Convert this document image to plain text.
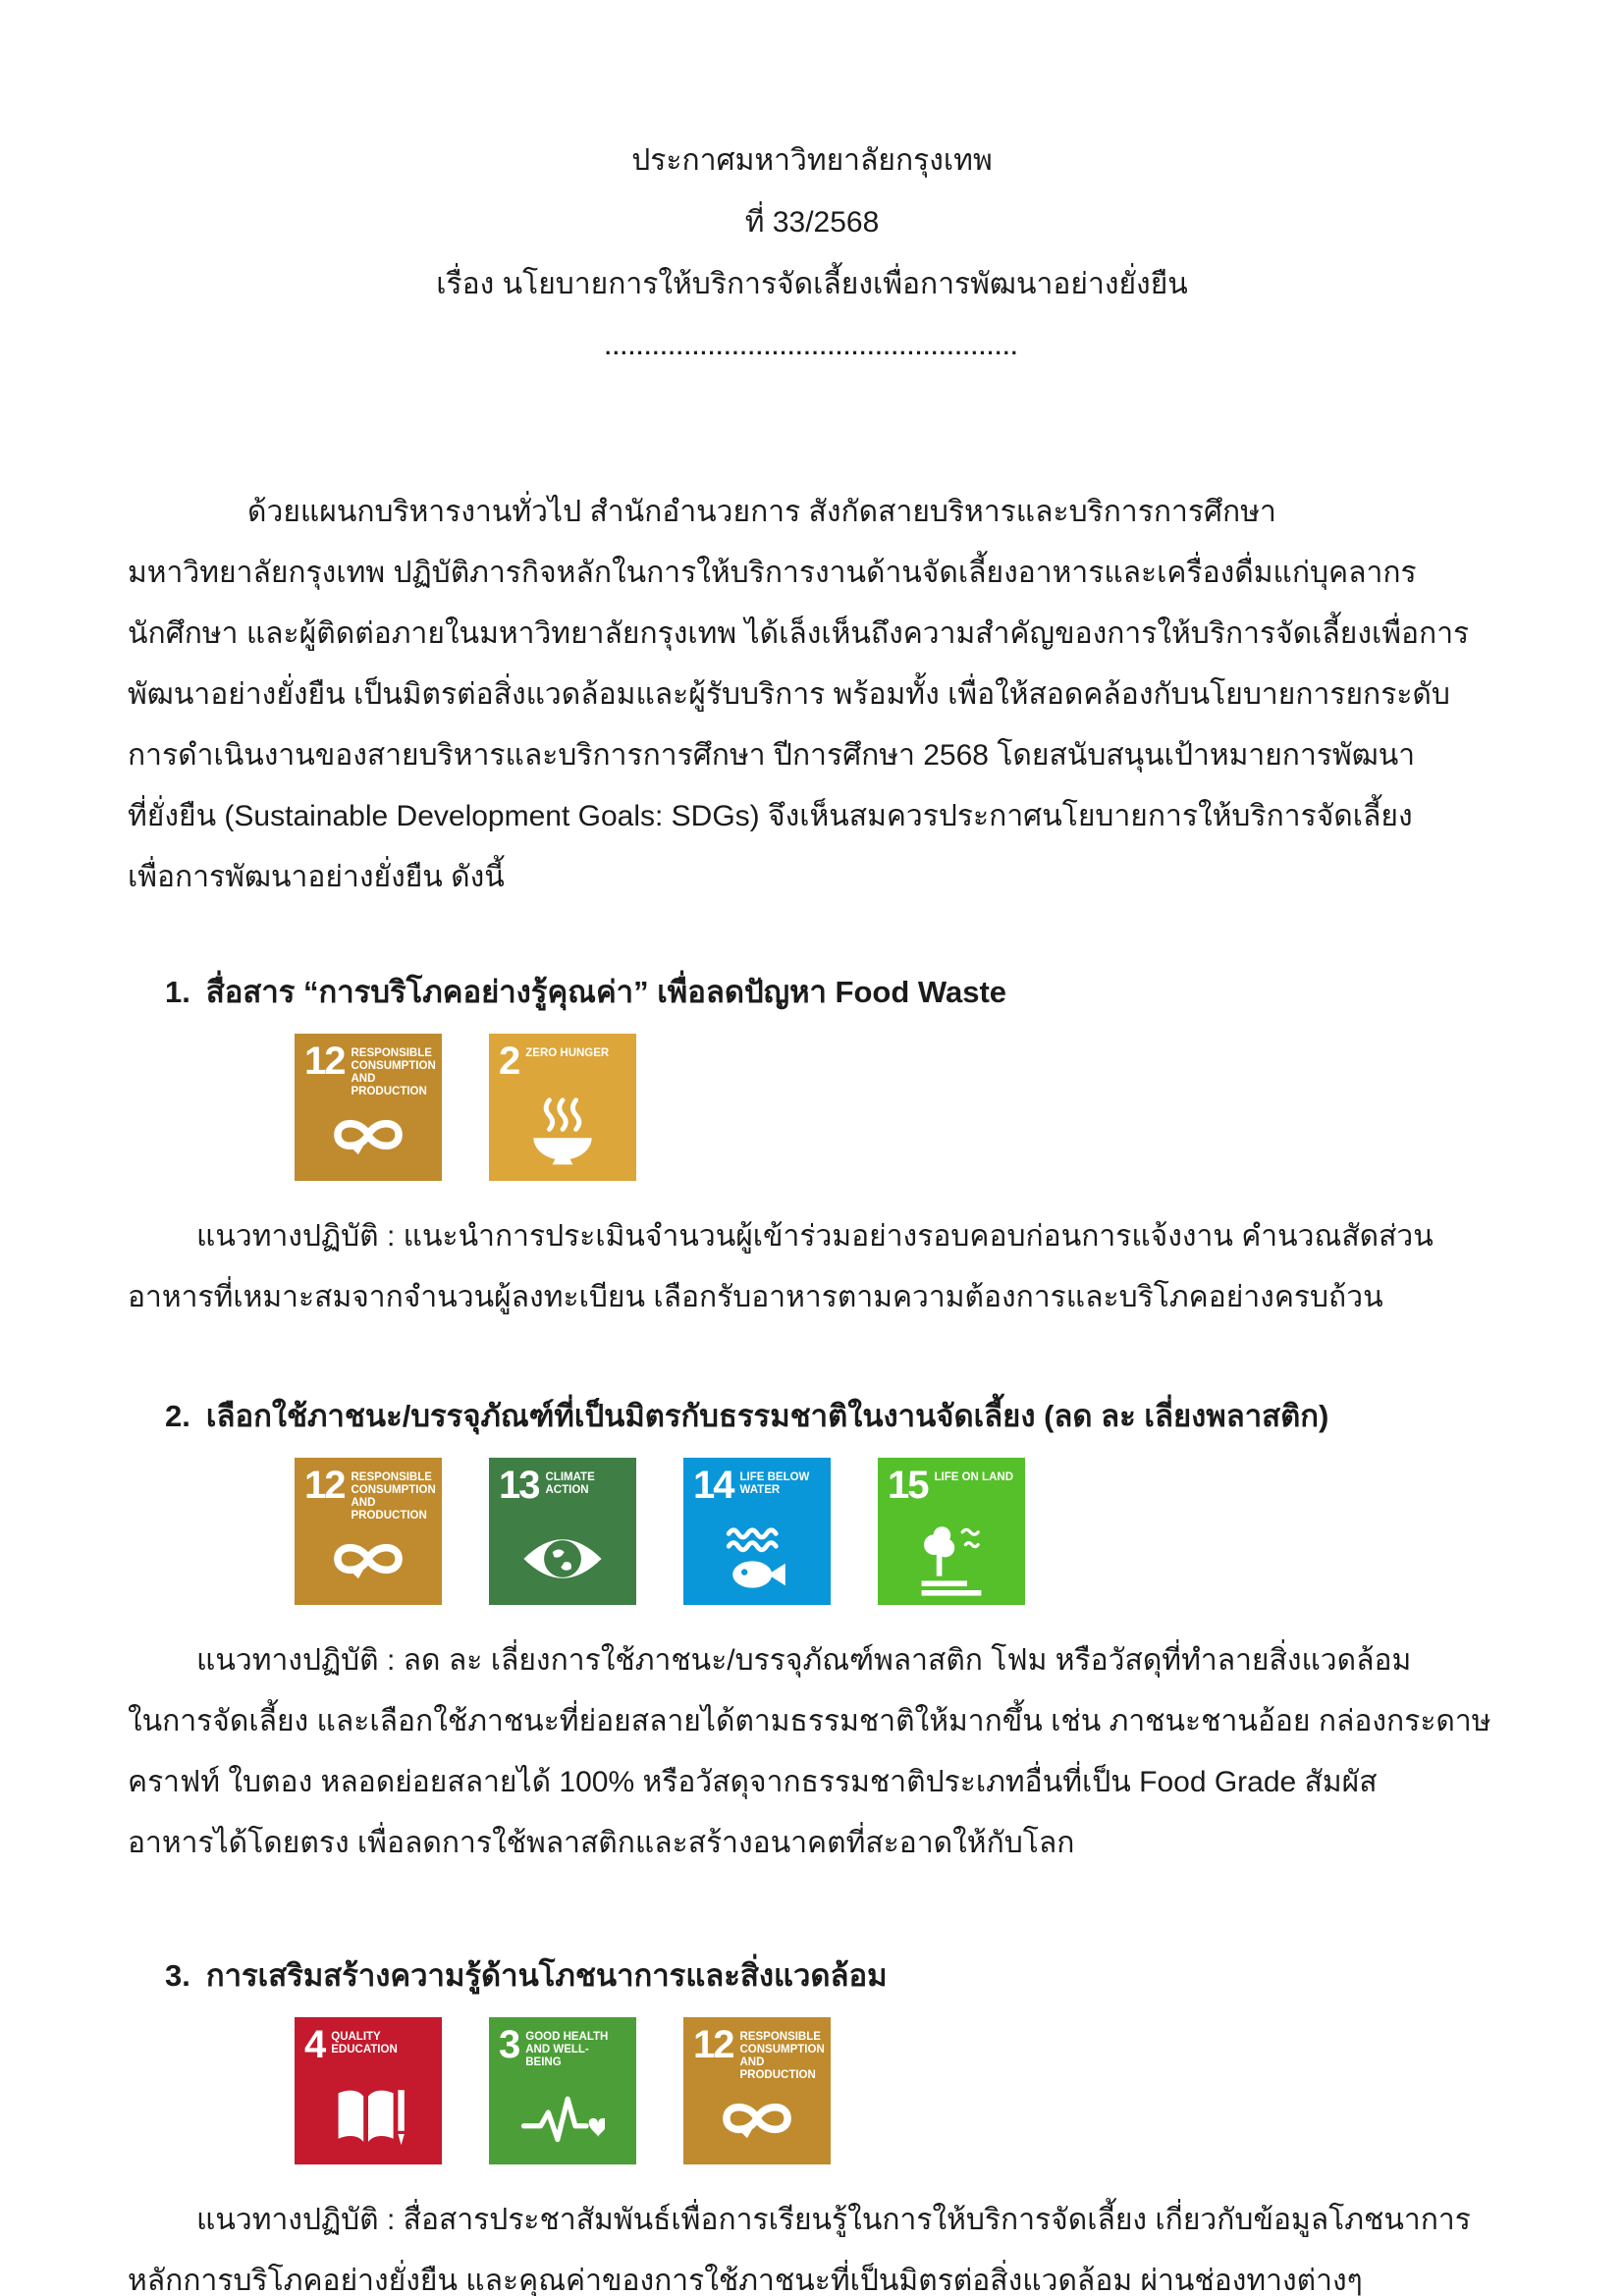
ประกาศมหาวิทยาลัยกรุงเทพ
ที่ 33/2568
เรื่อง นโยบายการให้บริการจัดเลี้ยงเพื่อการพัฒนาอย่างยั่งยืน
....................................................
ด้วยแผนกบริหารงานทั่วไป สำนักอำนวยการ สังกัดสายบริหารและบริการการศึกษา
มหาวิทยาลัยกรุงเทพ ปฏิบัติภารกิจหลักในการให้บริการงานด้านจัดเลี้ยงอาหารและเครื่องดื่มแก่บุคลากร
นักศึกษา และผู้ติดต่อภายในมหาวิทยาลัยกรุงเทพ ได้เล็งเห็นถึงความสำคัญของการให้บริการจัดเลี้ยงเพื่อการ
พัฒนาอย่างยั่งยืน เป็นมิตรต่อสิ่งแวดล้อมและผู้รับบริการ พร้อมทั้ง เพื่อให้สอดคล้องกับนโยบายการยกระดับ
การดำเนินงานของสายบริหารและบริการการศึกษา ปีการศึกษา 2568 โดยสนับสนุนเป้าหมายการพัฒนา
ที่ยั่งยืน (Sustainable Development Goals: SDGs) จึงเห็นสมควรประกาศนโยบายการให้บริการจัดเลี้ยง
เพื่อการพัฒนาอย่างยั่งยืน ดังนี้
1. สื่อสาร “การบริโภคอย่างรู้คุณค่า” เพื่อลดปัญหา Food Waste
12 RESPONSIBLE CONSUMPTION AND PRODUCTION
2 ZERO HUNGER
แนวทางปฏิบัติ : แนะนำการประเมินจำนวนผู้เข้าร่วมอย่างรอบคอบก่อนการแจ้งงาน คำนวณสัดส่วน
อาหารที่เหมาะสมจากจำนวนผู้ลงทะเบียน เลือกรับอาหารตามความต้องการและบริโภคอย่างครบถ้วน
2. เลือกใช้ภาชนะ/บรรจุภัณฑ์ที่เป็นมิตรกับธรรมชาติในงานจัดเลี้ยง (ลด ละ เลี่ยงพลาสติก)
12 RESPONSIBLE CONSUMPTION AND PRODUCTION
13 CLIMATE ACTION	14 LIFE BELOW WATER	15 LIFE ON LAND
แนวทางปฏิบัติ : ลด ละ เลี่ยงการใช้ภาชนะ/บรรจุภัณฑ์พลาสติก โฟม หรือวัสดุที่ทำลายสิ่งแวดล้อม
ในการจัดเลี้ยง และเลือกใช้ภาชนะที่ย่อยสลายได้ตามธรรมชาติให้มากขึ้น เช่น ภาชนะชานอ้อย กล่องกระดาษ
คราฟท์ ใบตอง หลอดย่อยสลายได้ 100% หรือวัสดุจากธรรมชาติประเภทอื่นที่เป็น Food Grade สัมผัส
อาหารได้โดยตรง เพื่อลดการใช้พลาสติกและสร้างอนาคตที่สะอาดให้กับโลก
3. การเสริมสร้างความรู้ด้านโภชนาการและสิ่งแวดล้อม
4 QUALITY EDUCATION	3 GOOD HEALTH AND WELL-BEING	12 RESPONSIBLE CONSUMPTION AND PRODUCTION
แนวทางปฏิบัติ : สื่อสารประชาสัมพันธ์เพื่อการเรียนรู้ในการให้บริการจัดเลี้ยง เกี่ยวกับข้อมูลโภชนาการ
หลักการบริโภคอย่างยั่งยืน และคุณค่าของการใช้ภาชนะที่เป็นมิตรต่อสิ่งแวดล้อม ผ่านช่องทางต่างๆ
